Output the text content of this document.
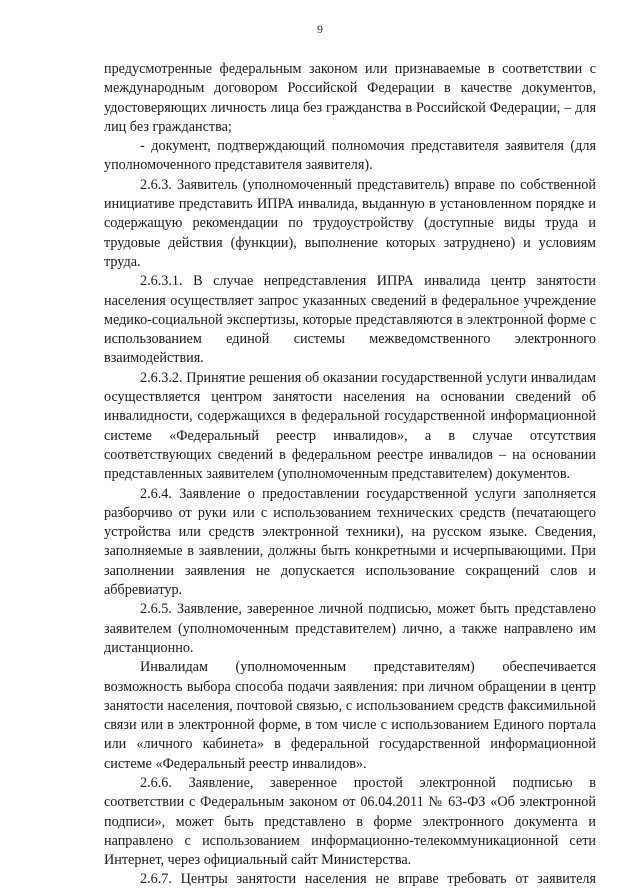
9

предусмотренные федеральным законом или признаваемые в соответствии с международным договором Российской Федерации в качестве документов, удостоверяющих личность лица без гражданства в Российской Федерации, – для лиц без гражданства;

- документ, подтверждающий полномочия представителя заявителя (для уполномоченного представителя заявителя).

2.6.3. Заявитель (уполномоченный представитель) вправе по собственной инициативе представить ИПРА инвалида, выданную в установленном порядке и содержащую рекомендации по трудоустройству (доступные виды труда и трудовые действия (функции), выполнение которых затруднено) и условиям труда.

2.6.3.1. В случае непредставления ИПРА инвалида центр занятости населения осуществляет запрос указанных сведений в федеральное учреждение медико-социальной экспертизы, которые представляются в электронной форме с использованием единой системы межведомственного электронного взаимодействия.

2.6.3.2. Принятие решения об оказании государственной услуги инвалидам осуществляется центром занятости населения на основании сведений об инвалидности, содержащихся в федеральной государственной информационной системе «Федеральный реестр инвалидов», а в случае отсутствия соответствующих сведений в федеральном реестре инвалидов – на основании представленных заявителем (уполномоченным представителем) документов.

2.6.4. Заявление о предоставлении государственной услуги заполняется разборчиво от руки или с использованием технических средств (печатающего устройства или средств электронной техники), на русском языке. Сведения, заполняемые в заявлении, должны быть конкретными и исчерпывающими. При заполнении заявления не допускается использование сокращений слов и аббревиатур.

2.6.5. Заявление, заверенное личной подписью, может быть представлено заявителем (уполномоченным представителем) лично, а также направлено им дистанционно.

Инвалидам (уполномоченным представителям) обеспечивается возможность выбора способа подачи заявления: при личном обращении в центр занятости населения, почтовой связью, с использованием средств факсимильной связи или в электронной форме, в том числе с использованием Единого портала или «личного кабинета» в федеральной государственной информационной системе «Федеральный реестр инвалидов».

2.6.6. Заявление, заверенное простой электронной подписью в соответствии с Федеральным законом от 06.04.2011 № 63-ФЗ «Об электронной подписи», может быть представлено в форме электронного документа и направлено с использованием информационно-телекоммуникационной сети Интернет, через официальный сайт Министерства.

2.6.7. Центры занятости населения не вправе требовать от заявителя
